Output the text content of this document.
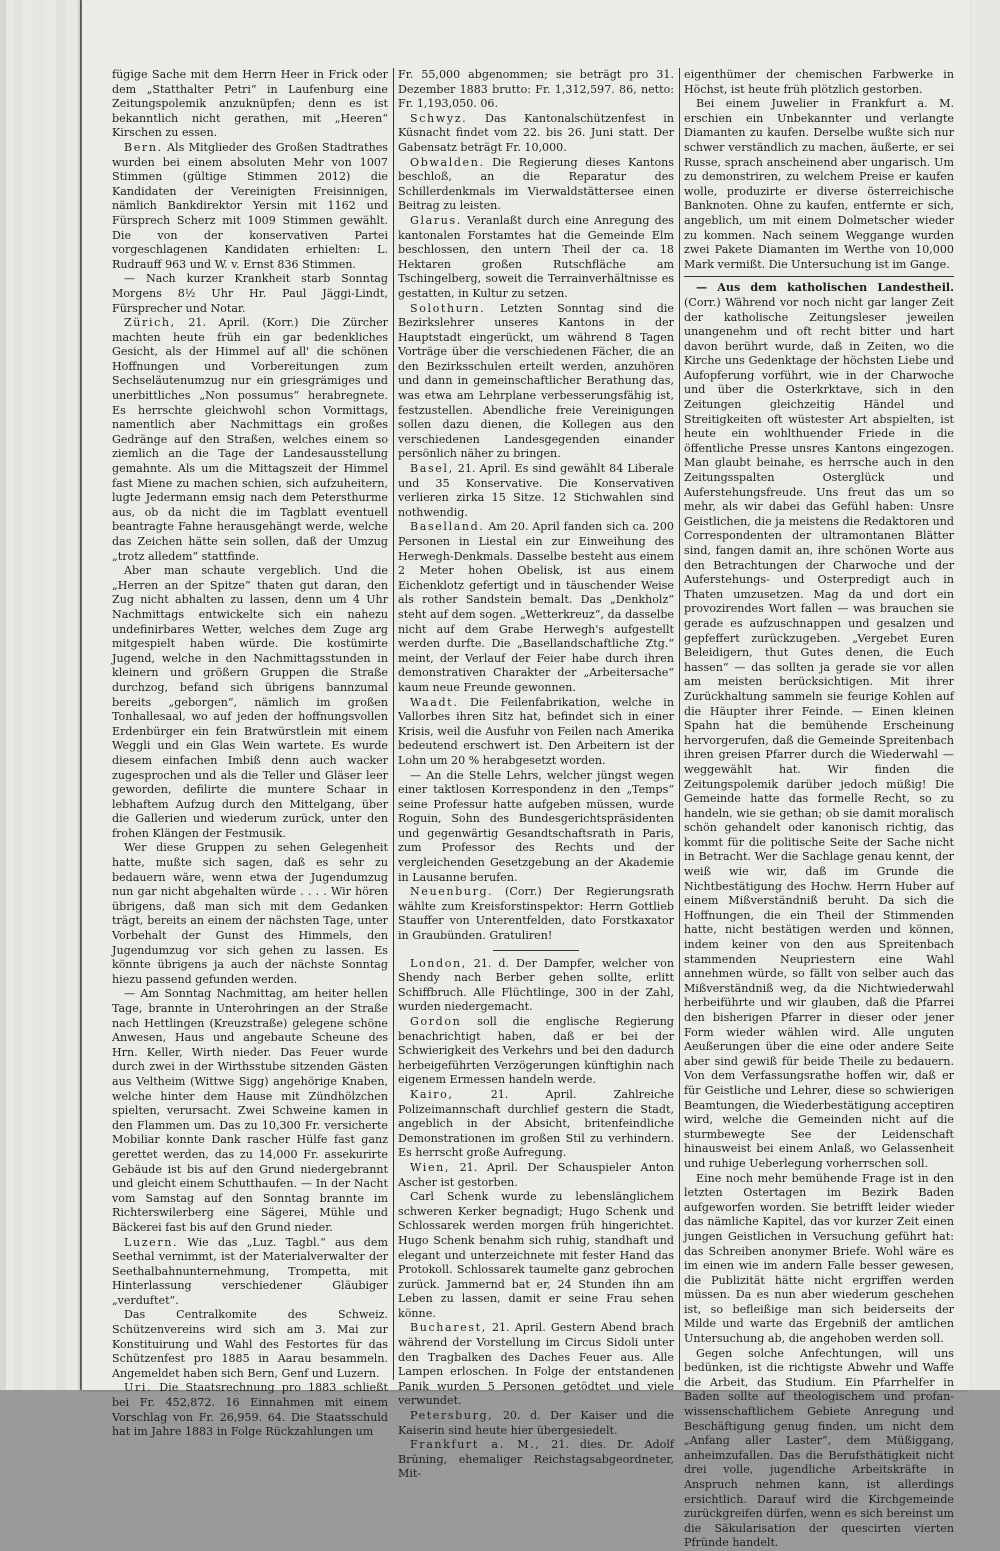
fügige Sache mit dem Herrn Heer in Frick oder dem „Statthalter Petri“ in Laufenburg eine Zeitungspolemik anzuknüpfen; denn es ist bekanntlich nicht gerathen, mit „Heeren“ Kirschen zu essen.

Bern. Als Mitglieder des Großen Stadtrathes wurden bei einem absoluten Mehr von 1007 Stimmen (gültige Stimmen 2012) die Kandidaten der Vereinigten Freisinnigen, nämlich Bankdirektor Yersin mit 1162 und Fürsprech Scherz mit 1009 Stimmen gewählt. Die von der konservativen Partei vorgeschlagenen Kandidaten erhielten: L. Rudrauff 963 und W. v. Ernst 836 Stimmen.

— Nach kurzer Krankheit starb Sonntag Morgens 8½ Uhr Hr. Paul Jäggi-Lindt, Fürsprecher und Notar.

Zürich, 21. April. (Korr.) Die Zürcher machten heute früh ein gar bedenkliches Gesicht, als der Himmel auf all' die schönen Hoffnungen und Vorbereitungen zum Sechseläutenumzug nur ein griesgrämiges und unerbittliches „Non possumus“ herabregnete. Es herrschte gleichwohl schon Vormittags, namentlich aber Nachmittags ein großes Gedränge auf den Straßen, welches einem so ziemlich an die Tage der Landesausstellung gemahnte. Als um die Mittagszeit der Himmel fast Miene zu machen schien, sich aufzuheitern, lugte Jedermann emsig nach dem Petersthurme aus, ob da nicht die im Tagblatt eventuell beantragte Fahne herausgehängt werde, welche das Zeichen hätte sein sollen, daß der Umzug „trotz alledem“ stattfinde.

Aber man schaute vergeblich. Und die „Herren an der Spitze“ thaten gut daran, den Zug nicht abhalten zu lassen, denn um 4 Uhr Nachmittags entwickelte sich ein nahezu undefinirbares Wetter, welches dem Zuge arg mitgespielt haben würde. Die kostümirte Jugend, welche in den Nachmittagsstunden in kleinern und größern Gruppen die Straße durchzog, befand sich übrigens bannzumal bereits „geborgen“, nämlich im großen Tonhallesaal, wo auf jeden der hoffnungsvollen Erdenbürger ein fein Bratwürstlein mit einem Weggli und ein Glas Wein wartete. Es wurde diesem einfachen Imbiß denn auch wacker zugesprochen und als die Teller und Gläser leer geworden, defilirte die muntere Schaar in lebhaftem Aufzug durch den Mittelgang, über die Gallerien und wiederum zurück, unter den frohen Klängen der Festmusik.

Wer diese Gruppen zu sehen Gelegenheit hatte, mußte sich sagen, daß es sehr zu bedauern wäre, wenn etwa der Jugendumzug nun gar nicht abgehalten würde . . . . Wir hören übrigens, daß man sich mit dem Gedanken trägt, bereits an einem der nächsten Tage, unter Vorbehalt der Gunst des Himmels, den Jugendumzug vor sich gehen zu lassen. Es könnte übrigens ja auch der nächste Sonntag hiezu passend gefunden werden.

— Am Sonntag Nachmittag, am heiter hellen Tage, brannte in Unterohringen an der Straße nach Hettlingen (Kreuzstraße) gelegene schöne Anwesen, Haus und angebaute Scheune des Hrn. Keller, Wirth nieder. Das Feuer wurde durch zwei in der Wirthsstube sitzenden Gästen aus Veltheim (Wittwe Sigg) angehörige Knaben, welche hinter dem Hause mit Zündhölzchen spielten, verursacht. Zwei Schweine kamen in den Flammen um. Das zu 10,300 Fr. versicherte Mobiliar konnte Dank rascher Hülfe fast ganz gerettet werden, das zu 14,000 Fr. assekurirte Gebäude ist bis auf den Grund niedergebrannt und gleicht einem Schutthaufen. — In der Nacht vom Samstag auf den Sonntag brannte im Richterswilerberg eine Sägerei, Mühle und Bäckerei fast bis auf den Grund nieder.

Luzern. Wie das „Luz. Tagbl.“ aus dem Seethal vernimmt, ist der Materialverwalter der Seethalbahnunternehmung, Trompetta, mit Hinterlassung verschiedener Gläubiger „verduftet“.

Das Centralkomite des Schweiz. Schützenvereins wird sich am 3. Mai zur Konstituirung und Wahl des Festortes für das Schützenfest pro 1885 in Aarau besammeln. Angemeldet haben sich Bern, Genf und Luzern.

Uri. Die Staatsrechnung pro 1883 schließt bei Fr. 452,872. 16 Einnahmen mit einem Vorschlag von Fr. 26,959. 64. Die Staatsschuld hat im Jahre 1883 in Folge Rückzahlungen um

Fr. 55,000 abgenommen; sie beträgt pro 31. Dezember 1883 brutto: Fr. 1,312,597. 86, netto: Fr. 1,193,050. 06.

Schwyz. Das Kantonalschützenfest in Küsnacht findet vom 22. bis 26. Juni statt. Der Gabensatz beträgt Fr. 10,000.

Obwalden. Die Regierung dieses Kantons beschloß, an die Reparatur des Schillerdenkmals im Vierwaldstättersee einen Beitrag zu leisten.

Glarus. Veranlaßt durch eine Anregung des kantonalen Forstamtes hat die Gemeinde Elm beschlossen, den untern Theil der ca. 18 Hektaren großen Rutschfläche am Tschingelberg, soweit die Terrainverhältnisse es gestatten, in Kultur zu setzen.

Solothurn. Letzten Sonntag sind die Bezirkslehrer unseres Kantons in der Hauptstadt eingerückt, um während 8 Tagen Vorträge über die verschiedenen Fächer, die an den Bezirksschulen erteilt werden, anzuhören und dann in gemeinschaftlicher Berathung das, was etwa am Lehrplane verbesserungsfähig ist, festzustellen. Abendliche freie Vereinigungen sollen dazu dienen, die Kollegen aus den verschiedenen Landesgegenden einander persönlich näher zu bringen.

Basel, 21. April. Es sind gewählt 84 Liberale und 35 Konservative. Die Konservativen verlieren zirka 15 Sitze. 12 Stichwahlen sind nothwendig.

Baselland. Am 20. April fanden sich ca. 200 Personen in Liestal ein zur Einweihung des Herwegh-Denkmals. Dasselbe besteht aus einem 2 Meter hohen Obelisk, ist aus einem Eichenklotz gefertigt und in täuschender Weise als rother Sandstein bemalt. Das „Denkholz“ steht auf dem sogen. „Wetterkreuz“, da dasselbe nicht auf dem Grabe Herwegh's aufgestellt werden durfte. Die „Basellandschaftliche Ztg.“ meint, der Verlauf der Feier habe durch ihren demonstrativen Charakter der „Arbeitersache“ kaum neue Freunde gewonnen.

Waadt. Die Feilenfabrikation, welche in Vallorbes ihren Sitz hat, befindet sich in einer Krisis, weil die Ausfuhr von Feilen nach Amerika bedeutend erschwert ist. Den Arbeitern ist der Lohn um 20 % herabgesetzt worden.

— An die Stelle Lehrs, welcher jüngst wegen einer taktlosen Korrespondenz in den „Temps“ seine Professur hatte aufgeben müssen, wurde Roguin, Sohn des Bundesgerichtspräsidenten und gegenwärtig Gesandtschaftsrath in Paris, zum Professor des Rechts und der vergleichenden Gesetzgebung an der Akademie in Lausanne berufen.

Neuenburg. (Corr.) Der Regierungsrath wählte zum Kreisforstinspektor: Herrn Gottlieb Stauffer von Unterentfelden, dato Forstkaxator in Graubünden. Gratuliren!

London, 21. d. Der Dampfer, welcher von Shendy nach Berber gehen sollte, erlitt Schiffbruch. Alle Flüchtlinge, 300 in der Zahl, wurden niedergemacht.

Gordon soll die englische Regierung benachrichtigt haben, daß er bei der Schwierigkeit des Verkehrs und bei den dadurch herbeigeführten Verzögerungen künftighin nach eigenem Ermessen handeln werde.

Kairo, 21. April. Zahlreiche Polizeimannschaft durchlief gestern die Stadt, angeblich in der Absicht, britenfeindliche Demonstrationen im großen Stil zu verhindern. Es herrscht große Aufregung.

Wien, 21. April. Der Schauspieler Anton Ascher ist gestorben.

Carl Schenk wurde zu lebenslänglichem schweren Kerker begnadigt; Hugo Schenk und Schlossarek werden morgen früh hingerichtet. Hugo Schenk benahm sich ruhig, standhaft und elegant und unterzeichnete mit fester Hand das Protokoll. Schlossarek taumelte ganz gebrochen zurück. Jammernd bat er, 24 Stunden ihn am Leben zu lassen, damit er seine Frau sehen könne.

Bucharest, 21. April. Gestern Abend brach während der Vorstellung im Circus Sidoli unter den Tragbalken des Daches Feuer aus. Alle Lampen erloschen. In Folge der entstandenen Panik wurden 5 Personen getödtet und viele verwundet.

Petersburg, 20. d. Der Kaiser und die Kaiserin sind heute hier übergesiedelt.

Frankfurt a. M., 21. dies. Dr. Adolf Brüning, ehemaliger Reichstagsabgeordneter, Mit-

eigenthümer der chemischen Farbwerke in Höchst, ist heute früh plötzlich gestorben.

Bei einem Juwelier in Frankfurt a. M. erschien ein Unbekannter und verlangte Diamanten zu kaufen. Derselbe wußte sich nur schwer verständlich zu machen, äußerte, er sei Russe, sprach anscheinend aber ungarisch. Um zu demonstriren, zu welchem Preise er kaufen wolle, produzirte er diverse österreichische Banknoten. Ohne zu kaufen, entfernte er sich, angeblich, um mit einem Dolmetscher wieder zu kommen. Nach seinem Weggange wurden zwei Pakete Diamanten im Werthe von 10,000 Mark vermißt. Die Untersuchung ist im Gange.

— Aus dem katholischen Landestheil. (Corr.) Während vor noch nicht gar langer Zeit der katholische Zeitungsleser jeweilen unangenehm und oft recht bitter und hart davon berührt wurde, daß in Zeiten, wo die Kirche uns Gedenktage der höchsten Liebe und Aufopferung vorführt, wie in der Charwoche und über die Osterkrktave, sich in den Zeitungen gleichzeitig Händel und Streitigkeiten oft wüstester Art abspielten, ist heute ein wohlthuender Friede in die öffentliche Presse unsres Kantons eingezogen. Man glaubt beinahe, es herrsche auch in den Zeitungsspalten Osterglück und Auferstehungsfreude. Uns freut das um so mehr, als wir dabei das Gefühl haben: Unsre Geistlichen, die ja meistens die Redaktoren und Correspondenten der ultramontanen Blätter sind, fangen damit an, ihre schönen Worte aus den Betrachtungen der Charwoche und der Auferstehungs- und Osterpredigt auch in Thaten umzusetzen. Mag da und dort ein provozirendes Wort fallen — was brauchen sie gerade es aufzuschnappen und gesalzen und gepfeffert zurückzugeben. „Vergebet Euren Beleidigern, thut Gutes denen, die Euch hassen“ — das sollten ja gerade sie vor allen am meisten berücksichtigen. Mit ihrer Zurückhaltung sammeln sie feurige Kohlen auf die Häupter ihrer Feinde. — Einen kleinen Spahn hat die bemühende Erscheinung hervorgerufen, daß die Gemeinde Spreitenbach ihren greisen Pfarrer durch die Wiederwahl — weggewählt hat. Wir finden die Zeitungspolemik darüber jedoch müßig! Die Gemeinde hatte das formelle Recht, so zu handeln, wie sie gethan; ob sie damit moralisch schön gehandelt oder kanonisch richtig, das kommt für die politische Seite der Sache nicht in Betracht. Wer die Sachlage genau kennt, der weiß wie wir, daß im Grunde die Nichtbestätigung des Hochw. Herrn Huber auf einem Mißverständniß beruht. Da sich die Hoffnungen, die ein Theil der Stimmenden hatte, nicht bestätigen werden und können, indem keiner von den aus Spreitenbach stammenden Neupriestern eine Wahl annehmen würde, so fällt von selber auch das Mißverständniß weg, da die Nichtwiederwahl herbeiführte und wir glauben, daß die Pfarrei den bisherigen Pfarrer in dieser oder jener Form wieder wählen wird. Alle unguten Aeußerungen über die eine oder andere Seite aber sind gewiß für beide Theile zu bedauern. Von dem Verfassungsrathe hoffen wir, daß er für Geistliche und Lehrer, diese so schwierigen Beamtungen, die Wiederbestätigung acceptiren wird, welche die Gemeinden nicht auf die sturmbewegte See der Leidenschaft hinausweist bei einem Anlaß, wo Gelassenheit und ruhige Ueberlegung vorherrschen soll.

Eine noch mehr bemühende Frage ist in den letzten Ostertagen im Bezirk Baden aufgeworfen worden. Sie betrifft leider wieder das nämliche Kapitel, das vor kurzer Zeit einen jungen Geistlichen in Versuchung geführt hat: das Schreiben anonymer Briefe. Wohl wäre es im einen wie im andern Falle besser gewesen, die Publizität hätte nicht ergriffen werden müssen. Da es nun aber wiederum geschehen ist, so befleißige man sich beiderseits der Milde und warte das Ergebniß der amtlichen Untersuchung ab, die angehoben werden soll.

Gegen solche Anfechtungen, will uns bedünken, ist die richtigste Abwehr und Waffe die Arbeit, das Studium. Ein Pfarrhelfer in Baden sollte auf theologischem und profan-wissenschaftlichem Gebiete Anregung und Beschäftigung genug finden, um nicht dem „Anfang aller Laster“, dem Müßiggang, anheimzufallen. Das die Berufsthätigkeit nicht drei volle, jugendliche Arbeitskräfte in Anspruch nehmen kann, ist allerdings ersichtlich. Darauf wird die Kirchgemeinde zurückgreifen dürfen, wenn es sich bereinst um die Säkularisation der quescirten vierten Pfründe handelt.
